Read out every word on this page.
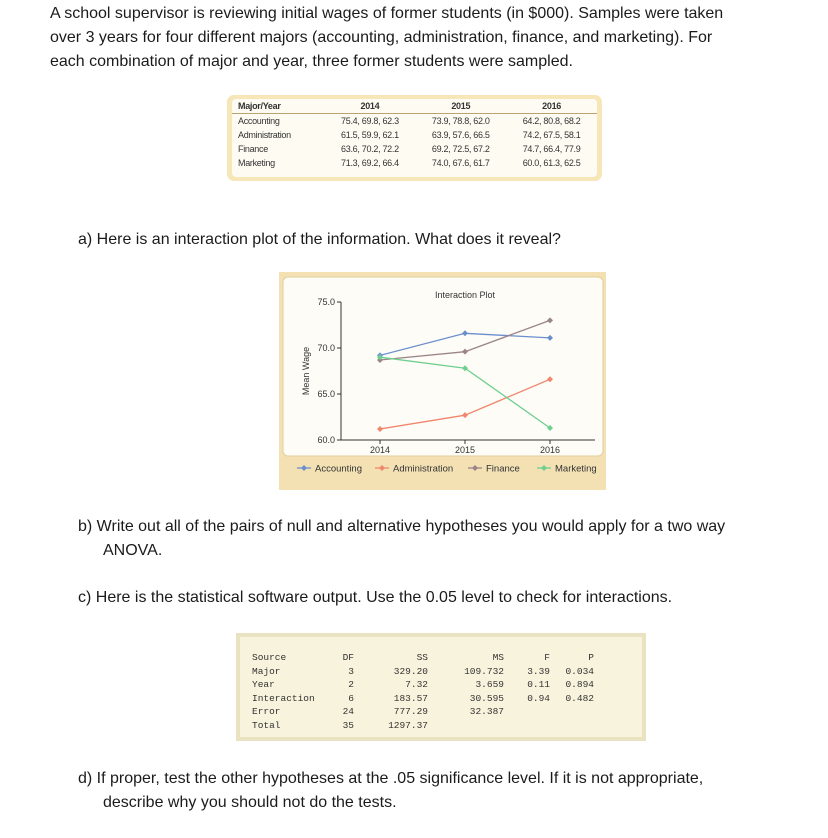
A school supervisor is reviewing initial wages of former students (in $000). Samples were taken
over 3 years for four different majors (accounting, administration, finance, and marketing). For
each combination of major and year, three former students were sampled.
Major/Year	2014	2015	2016
Accounting	75.4, 69.8, 62.3	73.9, 78.8, 62.0	64.2, 80.8, 68.2
Administration	61.5, 59.9, 62.1	63.9, 57.6, 66.5	74.2, 67.5, 58.1
Finance	63.6, 70.2, 72.2	69.2, 72.5, 67.2	74.7, 66.4, 77.9
Marketing	71.3, 69.2, 66.4	74.0, 67.6, 61.7	60.0, 61.3, 62.5
a) Here is an interaction plot of the information. What does it reveal?
Interaction Plot
Mean Wage
60.0
65.0
70.0
75.0
2014	2015	2016
Accounting	Administration	Finance	Marketing
b) Write out all of the pairs of null and alternative hypotheses you would apply for a two way
ANOVA.
c) Here is the statistical software output. Use the 0.05 level to check for interactions.
Source	DF	SS	MS	F	P
Major	3	329.20	109.732	3.39	0.034
Year	2	7.32	3.659	0.11	0.894
Interaction	6	183.57	30.595	0.94	0.482
Error	24	777.29	32.387		
Total	35	1297.37			
d) If proper, test the other hypotheses at the .05 significance level. If it is not appropriate,
describe why you should not do the tests.
